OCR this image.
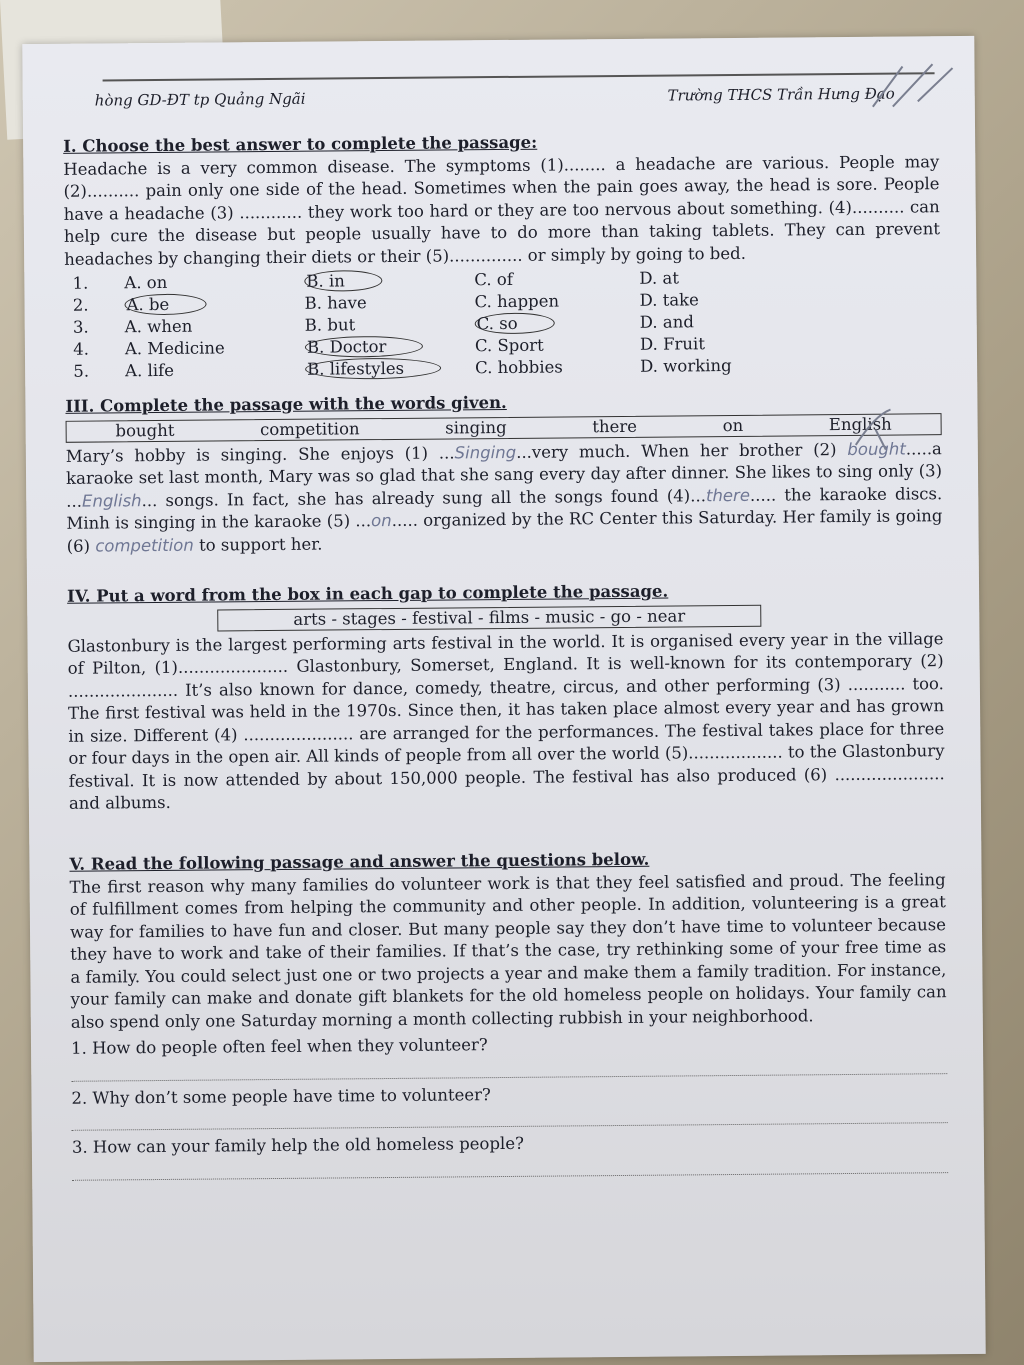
hòng GD-ĐT tp Quảng Ngãi	Trường THCS Trần Hưng Đạo
I. Choose the best answer to complete the passage:

Headache is a very common disease. The symptoms (1)........ a headache are various. People may (2).......... pain only one side of the head. Sometimes when the pain goes away, the head is sore. People have a headache (3) ............ they work too hard or they are too nervous about something. (4).......... can help cure the disease but people usually have to do more than taking tablets. They can prevent headaches by changing their diets or their (5).............. or simply by going to bed.

1.	A. on	B. in	C. of	D. at
2.	A. be	B. have	C. happen	D. take
3.	A. when	B. but	C. so	D. and
4.	A. Medicine	B. Doctor	C. Sport	D. Fruit
5.	A. life	B. lifestyles	C. hobbies	D. working
III. Complete the passage with the words given.
bought	competition	singing	there	on	English

Mary’s hobby is singing. She enjoys (1) ...Singing...very much. When her brother (2) bought.....a karaoke set last month, Mary was so glad that she sang every day after dinner. She likes to sing only (3) ...English... songs. In fact, she has already sung all the songs found (4)...there..... the karaoke discs. Minh is singing in the karaoke (5) ...on..... organized by the RC Center this Saturday. Her family is going (6) competition to support her.

IV. Put a word from the box in each gap to complete the passage.
arts - stages - festival - films - music - go - near

Glastonbury is the largest performing arts festival in the world. It is organised every year in the village of Pilton, (1)..................... Glastonbury, Somerset, England. It is well-known for its contemporary (2) ..................... It’s also known for dance, comedy, theatre, circus, and other performing (3) ........... too. The first festival was held in the 1970s. Since then, it has taken place almost every year and has grown in size. Different (4) ..................... are arranged for the performances. The festival takes place for three or four days in the open air. All kinds of people from all over the world (5).................. to the Glastonbury festival. It is now attended by about 150,000 people. The festival has also produced (6) ..................... and albums.

V. Read the following passage and answer the questions below.

The first reason why many families do volunteer work is that they feel satisfied and proud. The feeling of fulfillment comes from helping the community and other people. In addition, volunteering is a great way for families to have fun and closer. But many people say they don’t have time to volunteer because they have to work and take of their families. If that’s the case, try rethinking some of your free time as a family. You could select just one or two projects a year and make them a family tradition. For instance, your family can make and donate gift blankets for the old homeless people on holidays. Your family can also spend only one Saturday morning a month collecting rubbish in your neighborhood.

1. How do people often feel when they volunteer?
2. Why don’t some people have time to volunteer?
3. How can your family help the old homeless people?
